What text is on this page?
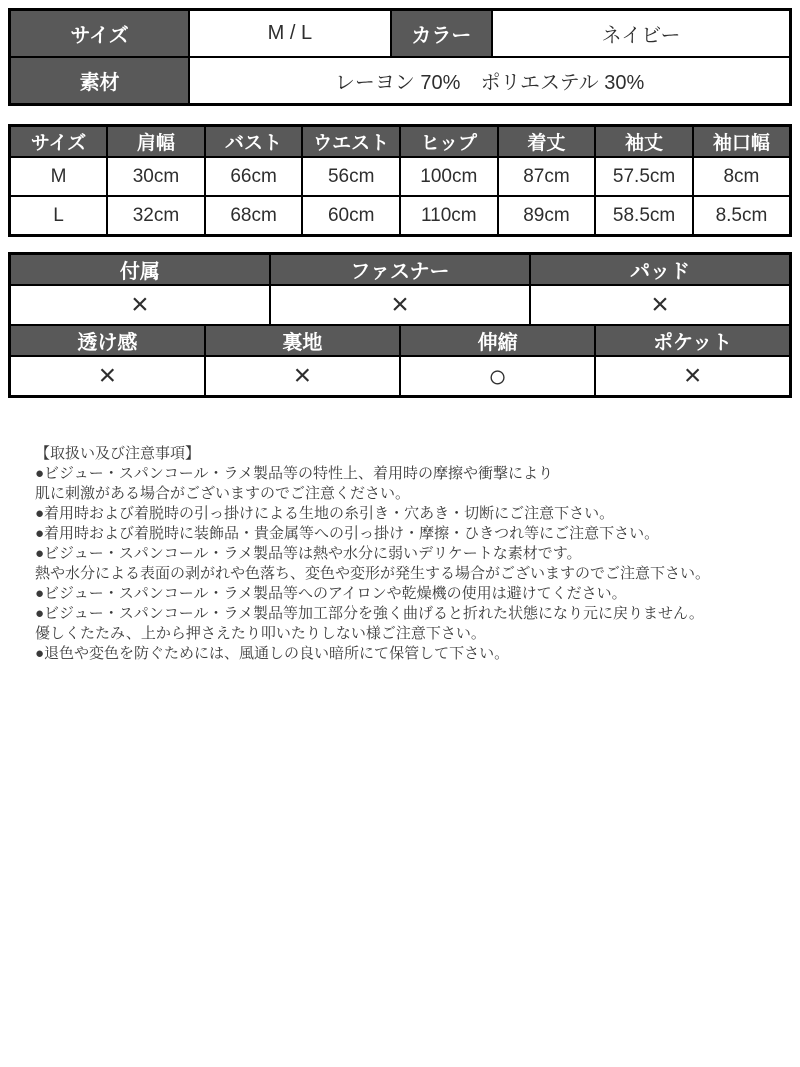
サイズ	M / L	カラー	ネイビー
素材	レーヨン 70%　ポリエステル 30%		
サイズ	肩幅	バスト	ウエスト	ヒップ	着丈	袖丈	袖口幅
M	30cm	66cm	56cm	100cm	87cm	57.5cm	8cm
L	32cm	68cm	60cm	110cm	89cm	58.5cm	8.5cm
付属		ファスナー		パッド	
×		×		×	
透け感	裏地		伸縮		ポケット
×	×		○		×
【取扱い及び注意事項】
●ビジュー・スパンコール・ラメ製品等の特性上、着用時の摩擦や衝撃により
肌に刺激がある場合がございますのでご注意ください。
●着用時および着脱時の引っ掛けによる生地の糸引き・穴あき・切断にご注意下さい。
●着用時および着脱時に装飾品・貴金属等への引っ掛け・摩擦・ひきつれ等にご注意下さい。
●ビジュー・スパンコール・ラメ製品等は熱や水分に弱いデリケートな素材です。
熱や水分による表面の剥がれや色落ち、変色や変形が発生する場合がございますのでご注意下さい。
●ビジュー・スパンコール・ラメ製品等へのアイロンや乾燥機の使用は避けてください。
●ビジュー・スパンコール・ラメ製品等加工部分を強く曲げると折れた状態になり元に戻りません。
優しくたたみ、上から押さえたり叩いたりしない様ご注意下さい。
●退色や変色を防ぐためには、風通しの良い暗所にて保管して下さい。
